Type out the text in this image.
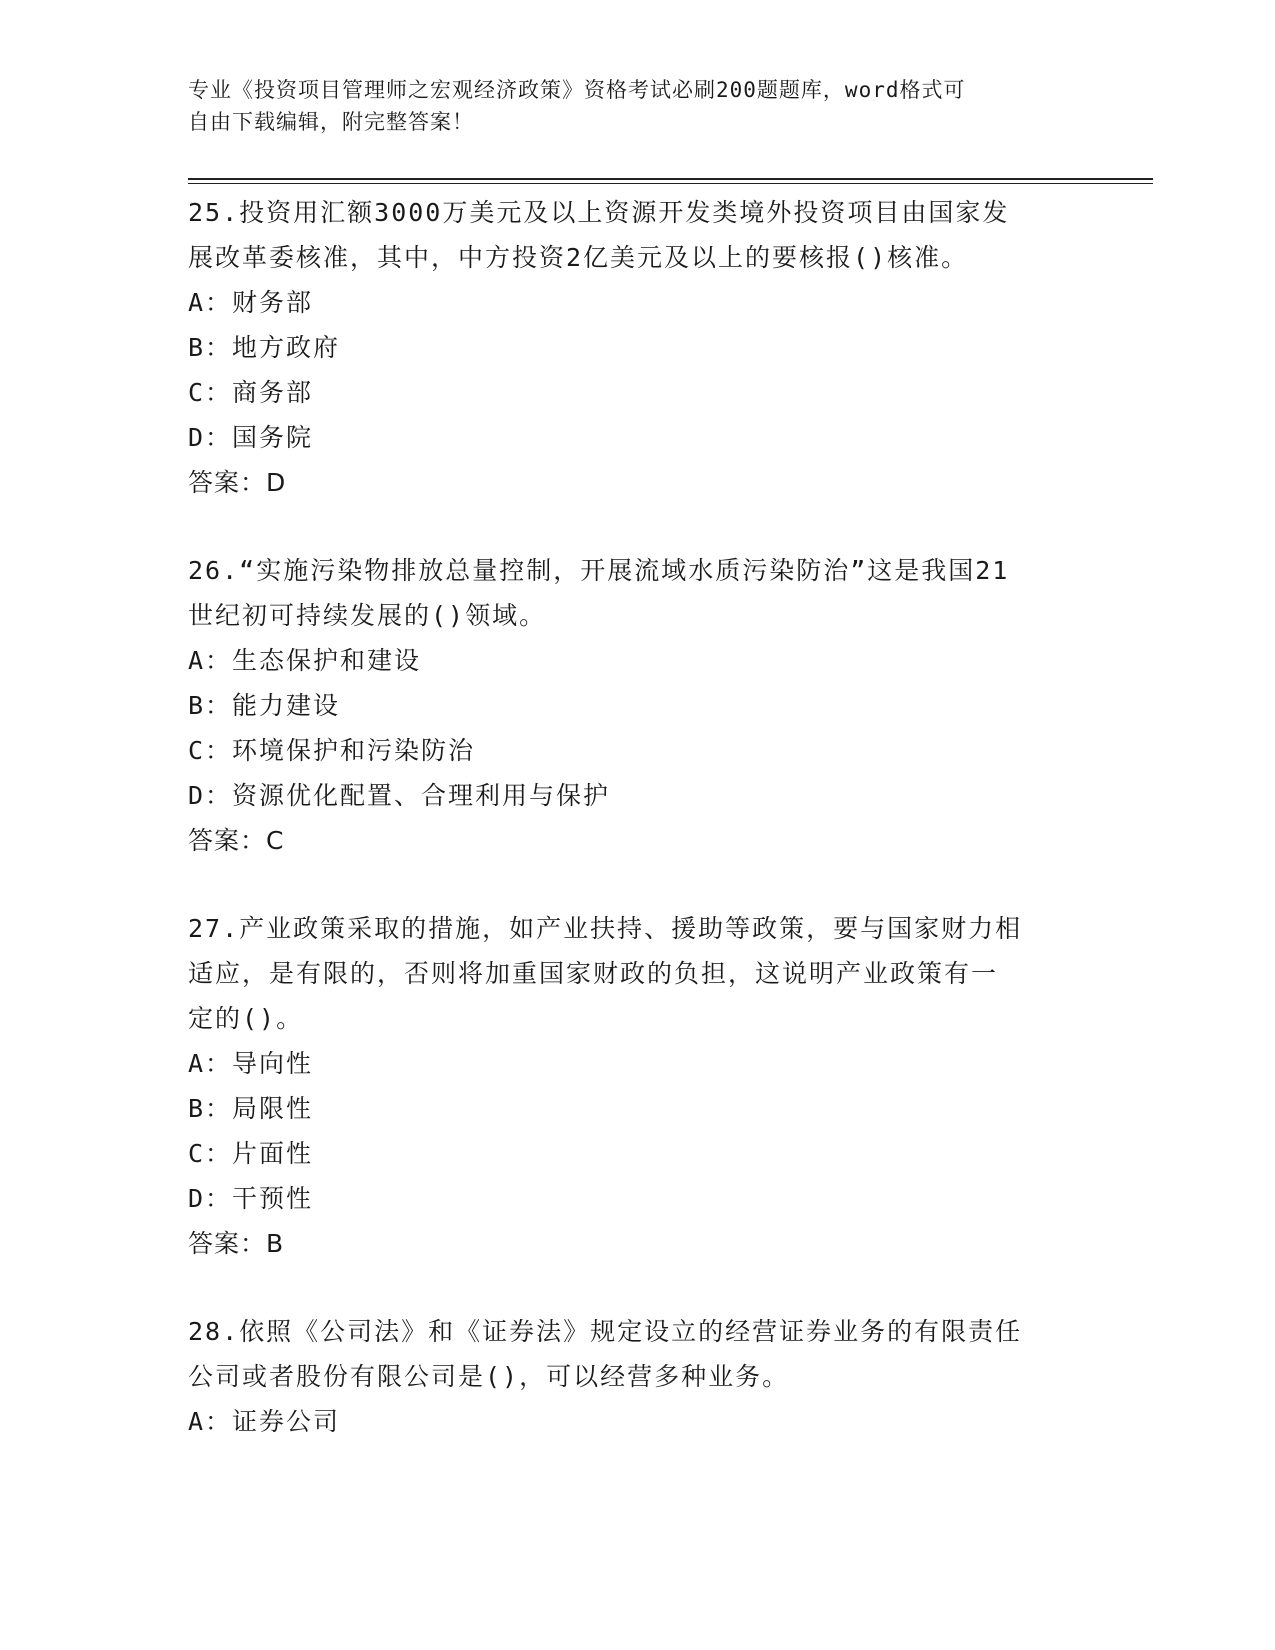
专业《投资项目管理师之宏观经济政策》资格考试必刷200题题库，word格式可
自由下载编辑，附完整答案！

25.投资用汇额3000万美元及以上资源开发类境外投资项目由国家发

展改革委核准，其中，中方投资2亿美元及以上的要核报()核准。

A：财务部

B：地方政府

C：商务部

D：国务院

答案：D

26.“实施污染物排放总量控制，开展流域水质污染防治”这是我国21

世纪初可持续发展的()领域。

A：生态保护和建设

B：能力建设

C：环境保护和污染防治

D：资源优化配置、合理利用与保护

答案：C

27.产业政策采取的措施，如产业扶持、援助等政策，要与国家财力相

适应，是有限的，否则将加重国家财政的负担，这说明产业政策有一

定的()。

A：导向性

B：局限性

C：片面性

D：干预性

答案：B

28.依照《公司法》和《证券法》规定设立的经营证券业务的有限责任

公司或者股份有限公司是()，可以经营多种业务。

A：证券公司
